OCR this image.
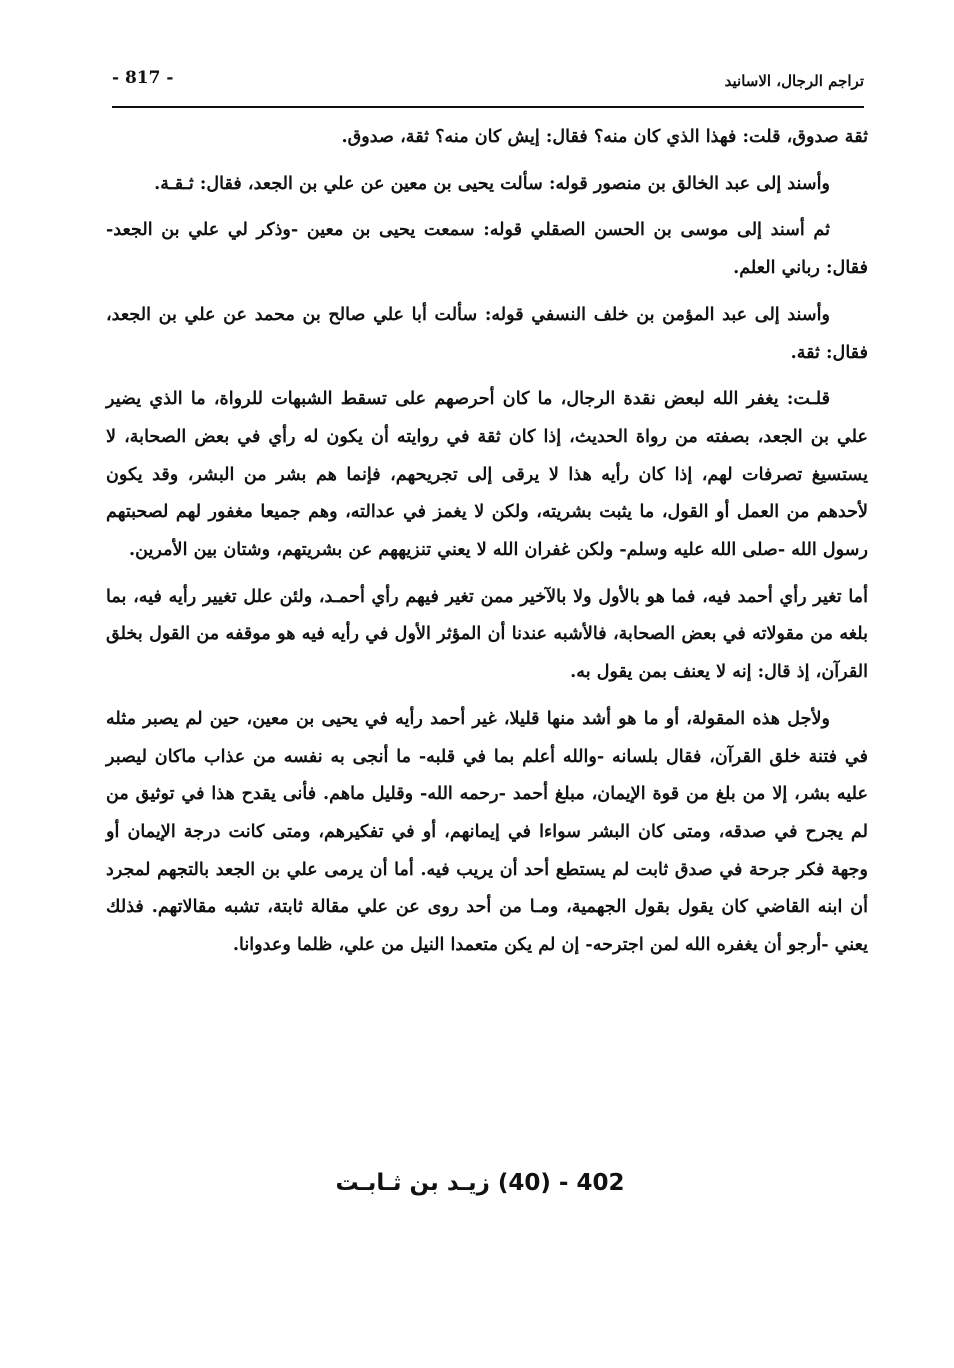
تراجم الرجال، الاسانيد
- 817 -

ثقة صدوق، قلت: فهذا الذي كان منه؟ فقال: إيش كان منه؟ ثقة، صدوق.

وأسند إلى عبد الخالق بن منصور قوله: سألت يحيى بن معين عن علي بن الجعد، فقال: ثـقـة.

ثم أسند إلى موسى بن الحسن الصقلي قوله: سمعت يحيى بن معين -وذكر لي علي بن الجعد- فقال: رباني العلم.

وأسند إلى عبد المؤمن بن خلف النسفي قوله: سألت أبا علي صالح بن محمد عن علي بن الجعد، فقال: ثقة.

قلـت: يغفر الله لبعض نقدة الرجال، ما كان أحرصهم على تسقط الشبهات للرواة، ما الذي يضير علي بن الجعد، بصفته من رواة الحديث، إذا كان ثقة في روايته أن يكون له رأي في بعض الصحابة، لا يستسيغ تصرفات لهم، إذا كان رأيه هذا لا يرقى إلى تجريحهم، فإنما هم بشر من البشر، وقد يكون لأحدهم من العمل أو القول، ما يثبت بشريته، ولكن لا يغمز في عدالته، وهم جميعا مغفور لهم لصحبتهم رسول الله -صلى الله عليه وسلم- ولكن غفران الله لا يعني تنزيههم عن بشريتهم، وشتان بين الأمرين.

أما تغير رأي أحمد فيه، فما هو بالأول ولا بالآخير ممن تغير فيهم رأي أحمـد، ولئن علل تغيير رأيه فيه، بما بلغه من مقولاته في بعض الصحابة، فالأشبه عندنا أن المؤثر الأول في رأيه فيه هو موقفه من القول بخلق القرآن، إذ قال: إنه لا يعنف بمن يقول به.

ولأجل هذه المقولة، أو ما هو أشد منها قليلا، غير أحمد رأيه في يحيى بن معين، حين لم يصبر مثله في فتنة خلق القرآن، فقال بلسانه -والله أعلم بما في قلبه- ما أنجى به نفسه من عذاب ماكان ليصبر عليه بشر، إلا من بلغ من قوة الإيمان، مبلغ أحمد -رحمه الله- وقليل ماهم. فأنى يقدح هذا في توثيق من لم يجرح في صدقه، ومتى كان البشر سواءا في إيمانهم، أو في تفكيرهم، ومتى كانت درجة الإيمان أو وجهة فكر جرحة في صدق ثابت لم يستطع أحد أن يريب فيه. أما أن يرمى علي بن الجعد بالتجهم لمجرد أن ابنه القاضي كان يقول بقول الجهمية، ومـا من أحد روى عن علي مقالة ثابتة، تشبه مقالاتهم. فذلك يعني -أرجو أن يغفره الله لمن اجترحه- إن لم يكن متعمدا النيل من علي، ظلما وعدوانا.

402 - (40) زيـد بن ثـابـت
